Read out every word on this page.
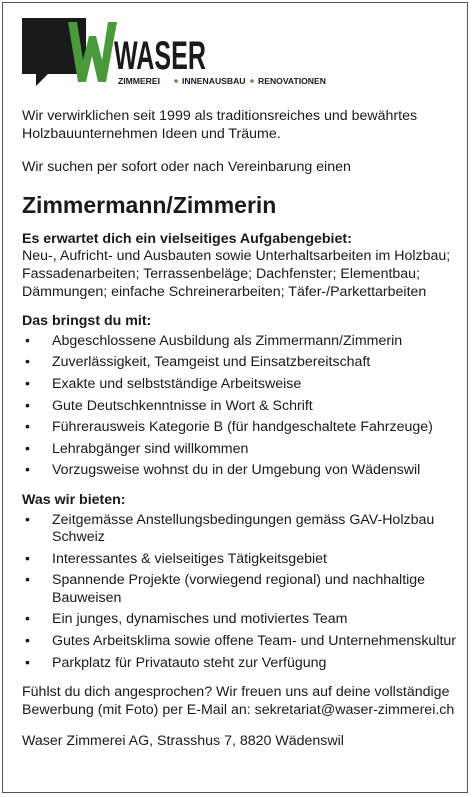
WASER
ZIMMEREI	INNENAUSBAU RENOVATIONEN

Wir verwirklichen seit 1999 als traditionsreiches und bewährtes Holzbauunternehmen Ideen und Träume.

Wir suchen per sofort oder nach Vereinbarung einen

Zimmermann/Zimmerin
Es erwartet dich ein vielseitiges Aufgabengebiet:

Neu-, Aufricht- und Ausbauten sowie Unterhaltsarbeiten im Holzbau; Fassadenarbeiten; Terrassenbeläge; Dachfenster; Elementbau; Dämmungen; einfache Schreinerarbeiten; Täfer-/Parkettarbeiten

Das bringst du mit:
• Abgeschlossene Ausbildung als Zimmermann/Zimmerin
• Zuverlässigkeit, Teamgeist und Einsatzbereitschaft
• Exakte und selbstständige Arbeitsweise
• Gute Deutschkenntnisse in Wort & Schrift
• Führerausweis Kategorie B (für handgeschaltete Fahrzeuge)
• Lehrabgänger sind willkommen
• Vorzugsweise wohnst du in der Umgebung von Wädenswil
Was wir bieten:
• Zeitgemässe Anstellungsbedingungen gemäss GAV-Holzbau Schweiz
• Interessantes & vielseitiges Tätigkeitsgebiet
• Spannende Projekte (vorwiegend regional) und nachhaltige Bauweisen
• Ein junges, dynamisches und motiviertes Team
• Gutes Arbeitsklima sowie offene Team- und Unternehmenskultur
• Parkplatz für Privatauto steht zur Verfügung

Fühlst du dich angesprochen? Wir freuen uns auf deine vollständige Bewerbung (mit Foto) per E-Mail an: sekretariat@waser-zimmerei.ch

Waser Zimmerei AG, Strasshus 7, 8820 Wädenswil
